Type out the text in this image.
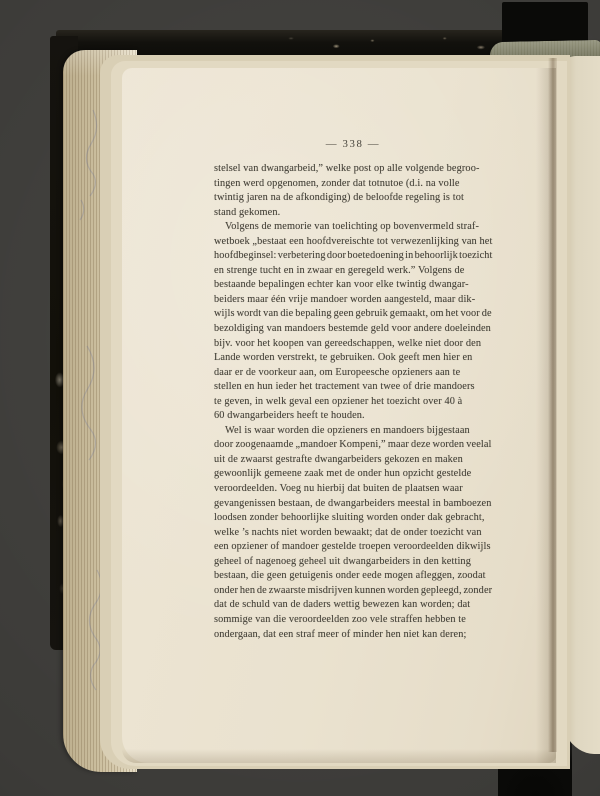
— 338 —
stelsel van dwangarbeid,” welke post op alle volgende begroo-
tingen werd opgenomen, zonder dat totnutoe (d.i. na volle
twintig jaren na de afkondiging) de beloofde regeling is tot
stand gekomen.
Volgens de memorie van toelichting op bovenvermeld straf-
wetboek „bestaat een hoofdvereischte tot verwezenlijking van het
hoofdbeginsel: verbetering door boetedoening in behoorlijk toezicht
en strenge tucht en in zwaar en geregeld werk.” Volgens de
bestaande bepalingen echter kan voor elke twintig dwangar-
beiders maar één vrije mandoer worden aangesteld, maar dik-
wijls wordt van die bepaling geen gebruik gemaakt, om het voor de
bezoldiging van mandoers bestemde geld voor andere doeleinden
bijv. voor het koopen van gereedschappen, welke niet door den
Lande worden verstrekt, te gebruiken. Ook geeft men hier en
daar er de voorkeur aan, om Europeesche opzieners aan te
stellen en hun ieder het tractement van twee of drie mandoers
te geven, in welk geval een opziener het toezicht over 40 à
60 dwangarbeiders heeft te houden.
Wel is waar worden die opzieners en mandoers bijgestaan
door zoogenaamde „mandoer Kompeni,” maar deze worden veelal
uit de zwaarst gestrafte dwangarbeiders gekozen en maken
gewoonlijk gemeene zaak met de onder hun opzicht gestelde
veroordeelden. Voeg nu hierbij dat buiten de plaatsen waar
gevangenissen bestaan, de dwangarbeiders meestal in bamboezen
loodsen zonder behoorlijke sluiting worden onder dak gebracht,
welke ’s nachts niet worden bewaakt; dat de onder toezicht van
een opziener of mandoer gestelde troepen veroordeelden dikwijls
geheel of nagenoeg geheel uit dwangarbeiders in den ketting
bestaan, die geen getuigenis onder eede mogen afleggen, zoodat
onder hen de zwaarste misdrijven kunnen worden gepleegd, zonder
dat de schuld van de daders wettig bewezen kan worden; dat
sommige van die veroordeelden zoo vele straffen hebben te
ondergaan, dat een straf meer of minder hen niet kan deren;
